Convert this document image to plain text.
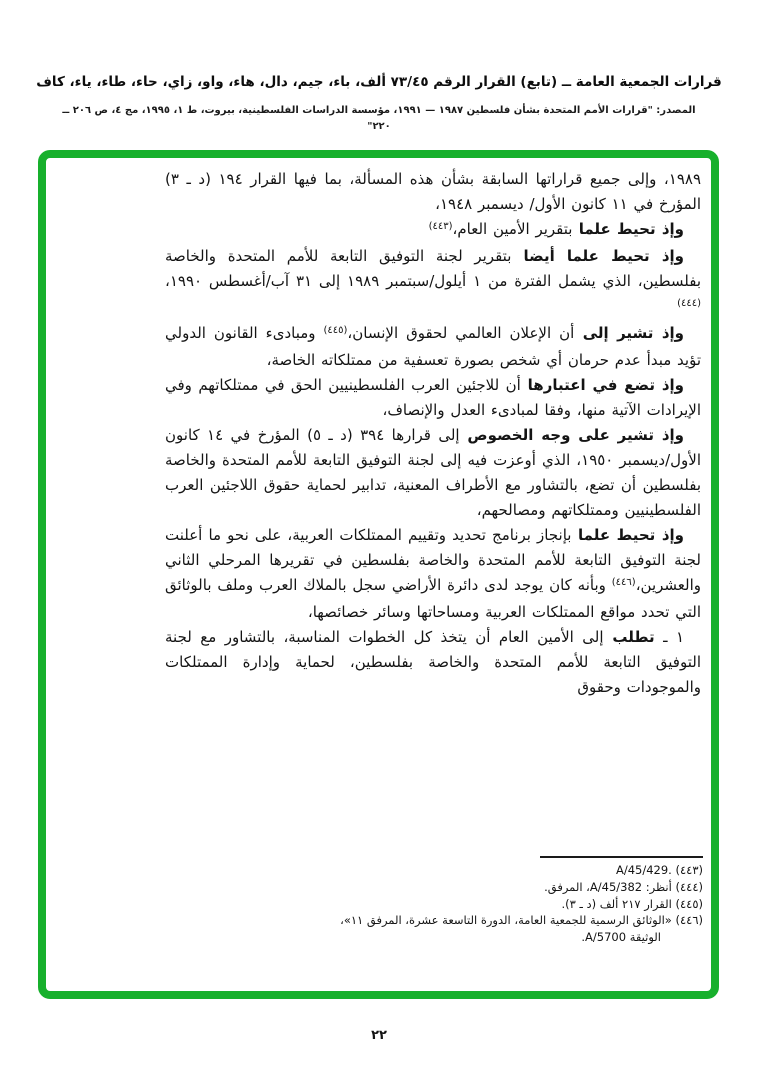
قرارات الجمعية العامة ــ (تابع) القرار الرقم ٧٣/٤٥ ألف، باء، جيم، دال، هاء، واو، زاي، حاء، طاء، ياء، كاف
المصدر: "قرارات الأمم المتحدة بشأن فلسطين ١٩٨٧ — ١٩٩١، مؤسسة الدراسات الفلسطينية، بيروت، ط ١، ١٩٩٥، مج ٤، ص ٢٠٦ ــ ٢٢٠"

١٩٨٩، وإلى جميع قراراتها السابقة بشأن هذه المسألة، بما فيها القرار ١٩٤ (د ـ ٣) المؤرخ في ١١ كانون الأول/ ديسمبر ١٩٤٨،

وإذ تحيط علما بتقرير الأمين العام،$^{(٤٤٣)}$

وإذ تحيط علما أيضا بتقرير لجنة التوفيق التابعة للأمم المتحدة والخاصة بفلسطين، الذي يشمل الفترة من ١ أيلول/سبتمبر ١٩٨٩ إلى ٣١ آب/أغسطس ١٩٩٠،$^{(٤٤٤)}$

وإذ تشير إلى أن الإعلان العالمي لحقوق الإنسان،$^{(٤٤٥)}$ ومبادىء القانون الدولي تؤيد مبدأ عدم حرمان أي شخص بصورة تعسفية من ممتلكاته الخاصة،

وإذ تضع في اعتبارها أن للاجئين العرب الفلسطينيين الحق في ممتلكاتهم وفي الإيرادات الآتية منها، وفقا لمبادىء العدل والإنصاف،

وإذ تشير على وجه الخصوص إلى قرارها ٣٩٤ (د ـ ٥) المؤرخ في ١٤ كانون الأول/ديسمبر ١٩٥٠، الذي أوعزت فيه إلى لجنة التوفيق التابعة للأمم المتحدة والخاصة بفلسطين أن تضع، بالتشاور مع الأطراف المعنية، تدابير لحماية حقوق اللاجئين العرب الفلسطينيين وممتلكاتهم ومصالحهم،

وإذ تحيط علما بإنجاز برنامج تحديد وتقييم الممتلكات العربية، على نحو ما أعلنت لجنة التوفيق التابعة للأمم المتحدة والخاصة بفلسطين في تقريرها المرحلي الثاني والعشرين،$^{(٤٤٦)}$ وبأنه كان يوجد لدى دائرة الأراضي سجل بالملاك العرب وملف بالوثائق التي تحدد مواقع الممتلكات العربية ومساحاتها وسائر خصائصها،

١ ـ تطلب إلى الأمين العام أن يتخذ كل الخطوات المناسبة، بالتشاور مع لجنة التوفيق التابعة للأمم المتحدة والخاصة بفلسطين، لحماية وإدارة الممتلكات والموجودات وحقوق

(٤٤٣) A/45/429.‎
(٤٤٤) أنظر: A/45/382، المرفق.
(٤٤٥) القرار ٢١٧ ألف (د ـ ٣).
(٤٤٦) «الوثائق الرسمية للجمعية العامة، الدورة التاسعة عشرة، المرفق ١١»،
الوثيقة A/5700.
٢٢
